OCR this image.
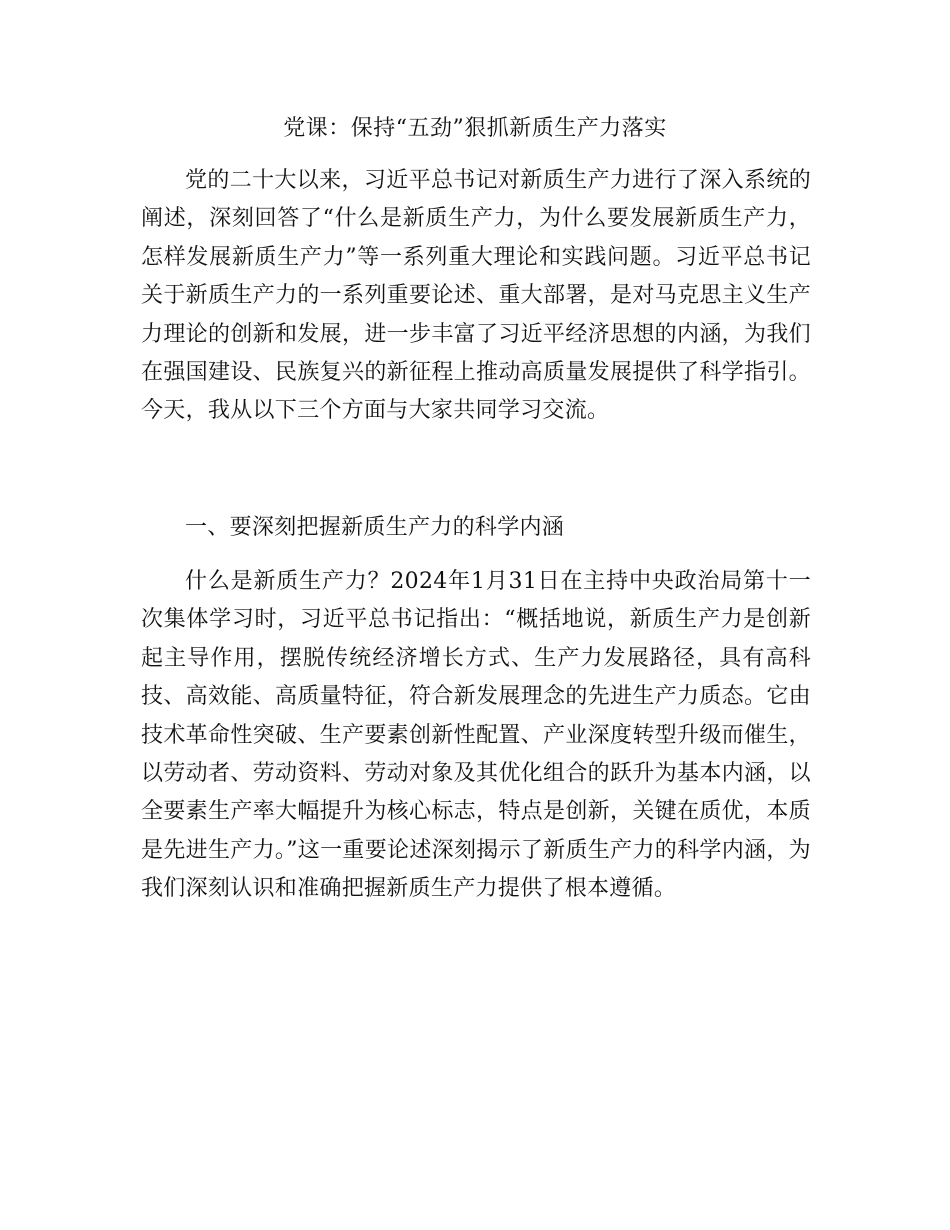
党课：保持“五劲”狠抓新质生产力落实

党的二十大以来，习近平总书记对新质生产力进行了深入系统的阐述，深刻回答了“什么是新质生产力，为什么要发展新质生产力，怎样发展新质生产力”等一系列重大理论和实践问题。习近平总书记关于新质生产力的一系列重要论述、重大部署，是对马克思主义生产力理论的创新和发展，进一步丰富了习近平经济思想的内涵，为我们在强国建设、民族复兴的新征程上推动高质量发展提供了科学指引。今天，我从以下三个方面与大家共同学习交流。

一、要深刻把握新质生产力的科学内涵

什么是新质生产力？2024年1月31日在主持中央政治局第十一次集体学习时，习近平总书记指出：“概括地说，新质生产力是创新起主导作用，摆脱传统经济增长方式、生产力发展路径，具有高科技、高效能、高质量特征，符合新发展理念的先进生产力质态。它由技术革命性突破、生产要素创新性配置、产业深度转型升级而催生，以劳动者、劳动资料、劳动对象及其优化组合的跃升为基本内涵，以全要素生产率大幅提升为核心标志，特点是创新，关键在质优，本质是先进生产力。”这一重要论述深刻揭示了新质生产力的科学内涵，为我们深刻认识和准确把握新质生产力提供了根本遵循。
